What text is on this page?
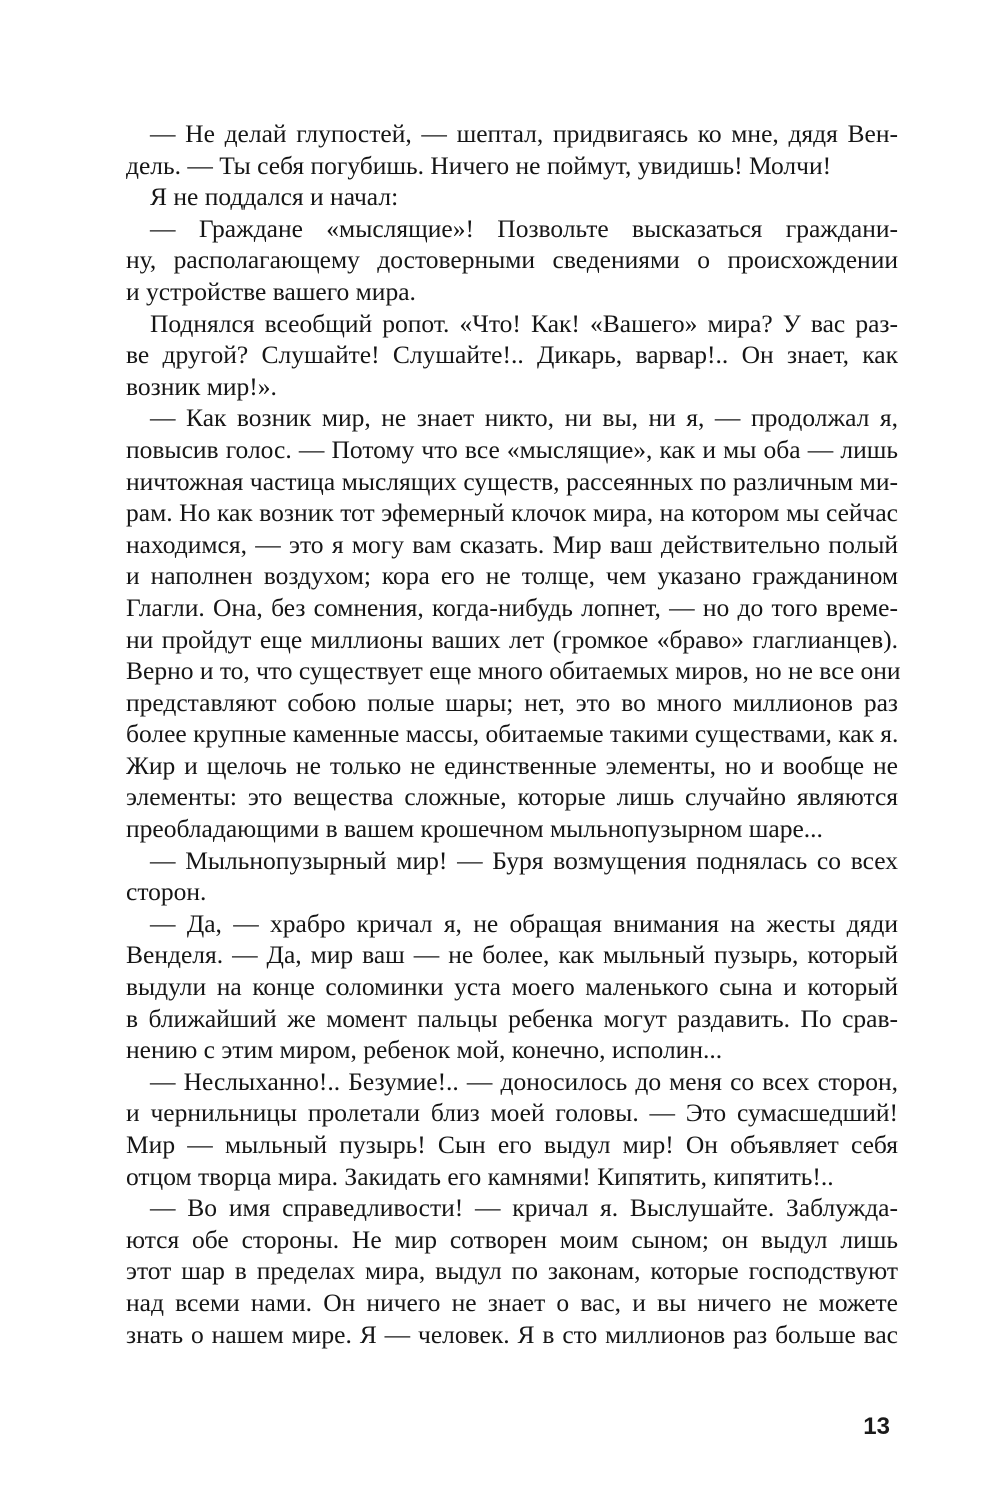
— Не делай глупостей, — шептал, придвигаясь ко мне, дядя Вен-
дель. — Ты себя погубишь. Ничего не поймут, увидишь! Молчи!
Я не поддался и начал:
— Граждане «мыслящие»! Позвольте высказаться граждани-
ну, располагающему достоверными сведениями о происхождении
и устройстве вашего мира.
Поднялся всеобщий ропот. «Что! Как! «Вашего» мира? У вас раз-
ве другой? Слушайте! Слушайте!.. Дикарь, варвар!.. Он знает, как
возник мир!».
— Как возник мир, не знает никто, ни вы, ни я, — продолжал я,
повысив голос. — Потому что все «мыслящие», как и мы оба — лишь
ничтожная частица мыслящих существ, рассеянных по различным ми-
рам. Но как возник тот эфемерный клочок мира, на котором мы сейчас
находимся, — это я могу вам сказать. Мир ваш действительно полый
и наполнен воздухом; кора его не толще, чем указано гражданином
Глагли. Она, без сомнения, когда-нибудь лопнет, — но до того време-
ни пройдут еще миллионы ваших лет (громкое «браво» глаглианцев).
Верно и то, что существует еще много обитаемых миров, но не все они
представляют собою полые шары; нет, это во много миллионов раз
более крупные каменные массы, обитаемые такими существами, как я.
Жир и щелочь не только не единственные элементы, но и вообще не
элементы: это вещества сложные, которые лишь случайно являются
преобладающими в вашем крошечном мыльнопузырном шаре...
— Мыльнопузырный мир! — Буря возмущения поднялась со всех
сторон.
— Да, — храбро кричал я, не обращая внимания на жесты дяди
Венделя. — Да, мир ваш — не более, как мыльный пузырь, который
выдули на конце соломинки уста моего маленького сына и который
в ближайший же момент пальцы ребенка могут раздавить. По срав-
нению с этим миром, ребенок мой, конечно, исполин...
— Неслыханно!.. Безумие!.. — доносилось до меня со всех сторон,
и чернильницы пролетали близ моей головы. — Это сумасшедший!
Мир — мыльный пузырь! Сын его выдул мир! Он объявляет себя
отцом творца мира. Закидать его камнями! Кипятить, кипятить!..
— Во имя справедливости! — кричал я. Выслушайте. Заблужда-
ются обе стороны. Не мир сотворен моим сыном; он выдул лишь
этот шар в пределах мира, выдул по законам, которые господствуют
над всеми нами. Он ничего не знает о вас, и вы ничего не можете
знать о нашем мире. Я — человек. Я в сто миллионов раз больше вас
13
